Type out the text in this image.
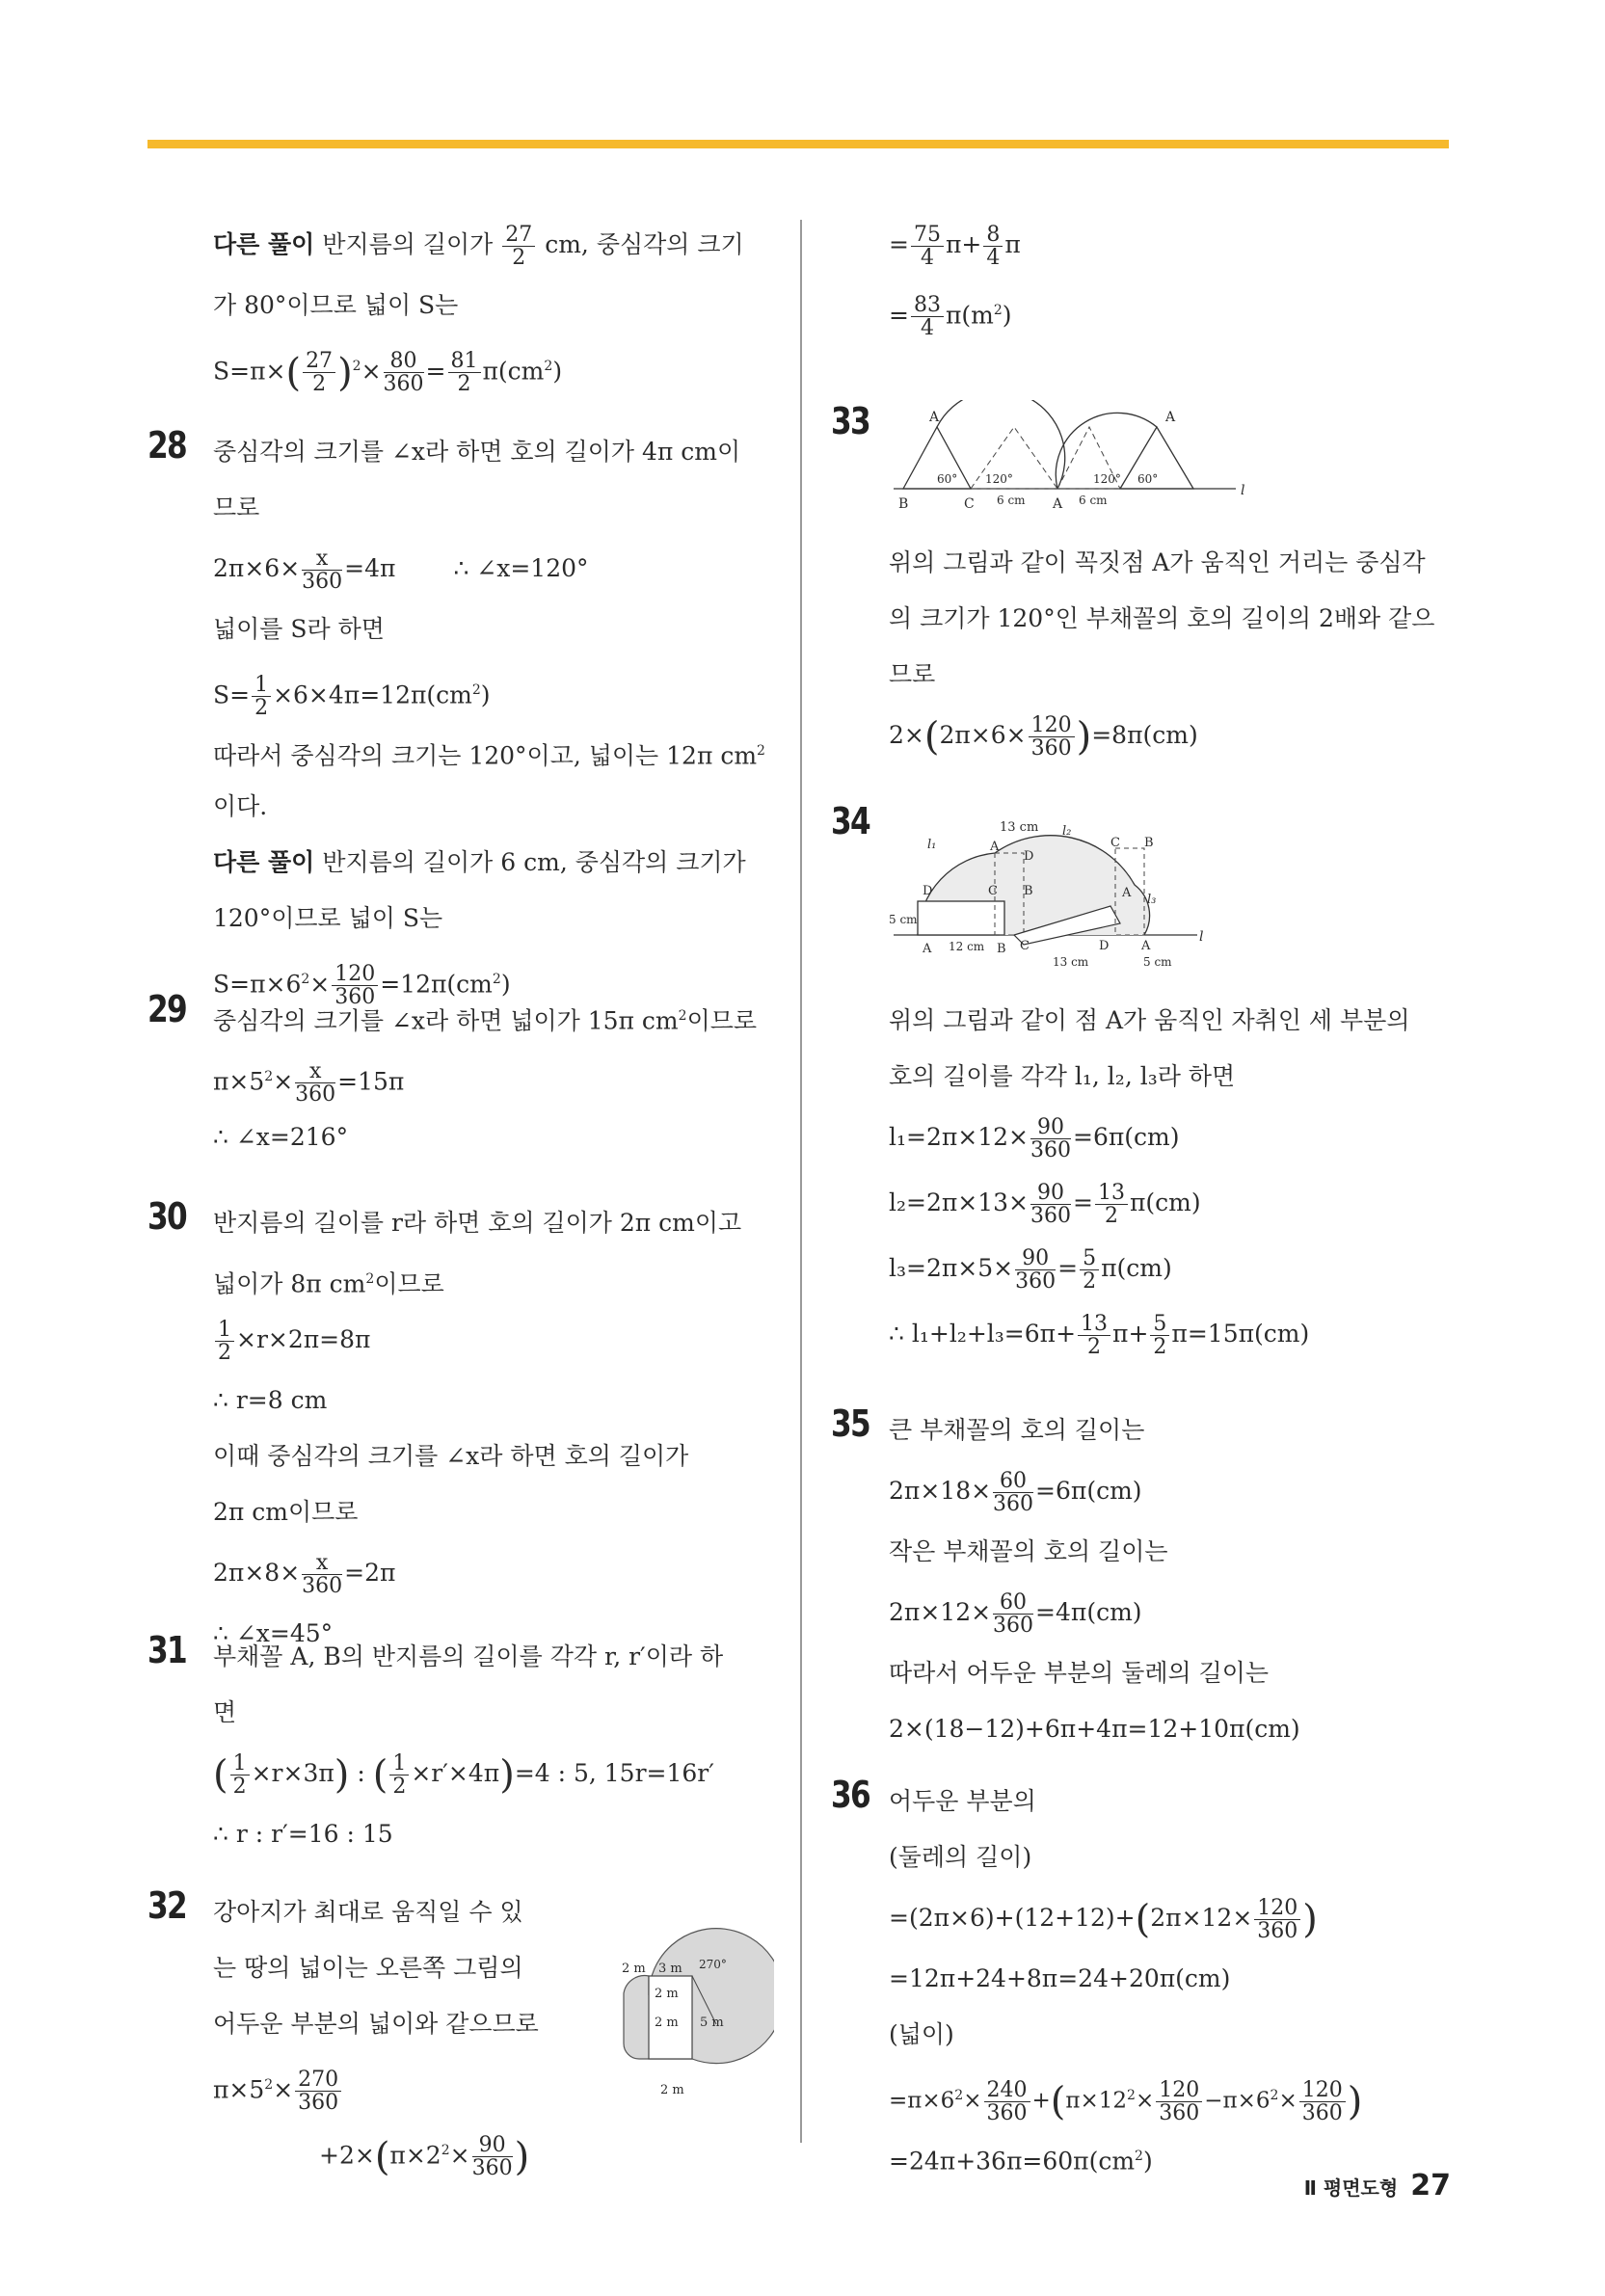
다른 풀이 반지름의 길이가 $\frac{27}{2}$ cm, 중심각의 크기
가 80°이므로 넓이 S는
$S=\pi\times( \frac{27}{2} )^2\times \frac{80}{360} = \frac{81}{2} \pi(cm^2)$
28 중심각의 크기를 ∠x라 하면 호의 길이가 4π cm이
므로
$2\pi\times 6\times \frac{x}{360} =4\pi$ ∴ ∠x=120°
넓이를 S라 하면
$S= \frac{1}{2} \times 6\times 4\pi=12\pi(cm^2)$
따라서 중심각의 크기는 120°이고, 넓이는 12π $cm^2$
이다.
다른 풀이 반지름의 길이가 6 cm, 중심각의 크기가
120°이므로 넓이 S는
$S=\pi\times 6^2\times \frac{120}{360} =12\pi(cm^2)$
29 중심각의 크기를 ∠x라 하면 넓이가 15π $cm^2$이므로
$\pi\times 5^2\times \frac{x}{360} =15\pi$
∴ ∠x=216°
30 반지름의 길이를 r라 하면 호의 길이가 2π cm이고
넓이가 8π $cm^2$이므로
$\frac{1}{2} \times r\times 2\pi=8\pi$
∴ r=8 cm
이때 중심각의 크기를 ∠x라 하면 호의 길이가
2π cm이므로
$2\pi\times 8\times \frac{x}{360} =2\pi$
∴ ∠x=45°
31 부채꼴 A, B의 반지름의 길이를 각각 r, r′이라 하
면
( $\frac{1}{2} \times r\times 3\pi$) : ( $\frac{1}{2} \times r'\times 4\pi)=4$ : 5, 15r=16r′
∴ r : r′=16 : 15
32 강아지가 최대로 움직일 수 있
는 땅의 넓이는 오른쪽 그림의
어두운 부분의 넓이와 같으므로
$\pi\times 5^2\times \frac{270}{360}$
$+2\times(\pi\times 2^2\times \frac{90}{360}$ )
2 m 3 m 270°
2 m
2 m 5 m
2 m
= $\frac{75}{4} \pi+ \frac{8}{4}$ π
= $\frac{83}{4} \pi(m^2)$
33	A	A
B	C	A
60° 120°	120° 60°
6 cm	6 cm
l
위의 그림과 같이 꼭짓점 A가 움직인 거리는 중심각
의 크기가 120°인 부채꼴의 호의 길이의 2배와 같으
므로
$2\times(2\pi\times 6\times \frac{120}{360} )=8\pi(cm)$
34	13 cm
l₁
l₂
l₃
A
D
C B
D	C B	A
5 cm
A 12 cm B C	D	A
13 cm	5 cm
l
위의 그림과 같이 점 A가 움직인 자취인 세 부분의
호의 길이를 각각 l₁, l₂, l₃라 하면
$l_1=2\pi\times 12\times \frac{90}{360} =6\pi(cm)$
$l_2=2\pi\times 13\times \frac{90}{360} = \frac{13}{2} \pi(cm)$
$l_3=2\pi\times 5\times \frac{90}{360} = \frac{5}{2} \pi(cm)$
∴ $l_1+l_2+l_3=6\pi+ \frac{13}{2} \pi+ \frac{5}{2} \pi=15\pi(cm)$
35 큰 부채꼴의 호의 길이는
$2\pi\times 18\times \frac{60}{360} =6\pi(cm)$
작은 부채꼴의 호의 길이는
$2\pi\times 12\times \frac{60}{360} =4\pi(cm)$
따라서 어두운 부분의 둘레의 길이는
2×(18−12)+6π+4π=12+10π(cm)
36 어두운 부분의
(둘레의 길이)
$=(2\pi\times 6)+(12+12)+(2\pi\times 12\times \frac{120}{360}$ )
=12π+24+8π=24+20π(cm)
(넓이)
$=\pi\times 6^2\times \frac{240}{360} +(\pi\times 12^2\times \frac{120}{360} -\pi\times 6^2\times \frac{120}{360}$ )
$=24\pi+36\pi=60\pi(cm^2)$
Ⅱ 평면도형 27
